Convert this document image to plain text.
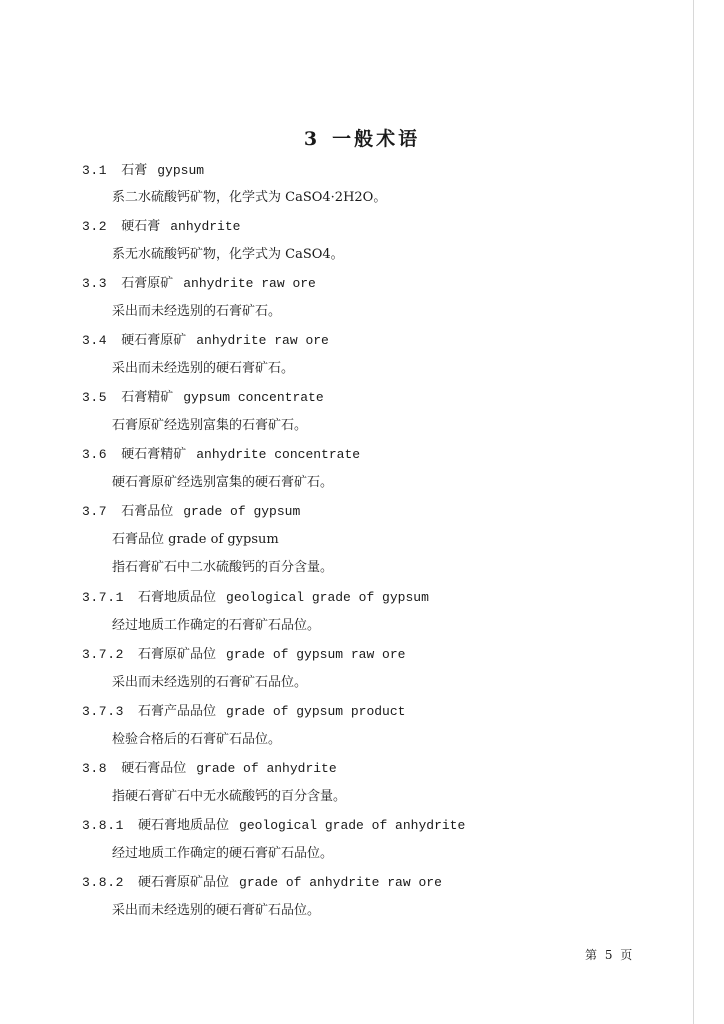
3 一般术语
3.1 石膏 gypsum
系二水硫酸钙矿物，化学式为 CaSO4·2H2O。
3.2 硬石膏 anhydrite
系无水硫酸钙矿物，化学式为 CaSO4。
3.3 石膏原矿 anhydrite raw ore
采出而未经选别的石膏矿石。
3.4 硬石膏原矿 anhydrite raw ore
采出而未经选别的硬石膏矿石。
3.5 石膏精矿 gypsum concentrate
石膏原矿经选别富集的石膏矿石。
3.6 硬石膏精矿 anhydrite concentrate
硬石膏原矿经选别富集的硬石膏矿石。
3.7 石膏品位 grade of gypsum
石膏品位 grade of gypsum
指石膏矿石中二水硫酸钙的百分含量。
3.7.1 石膏地质品位 geological grade of gypsum
经过地质工作确定的石膏矿石品位。
3.7.2 石膏原矿品位 grade of gypsum raw ore
采出而未经选别的石膏矿石品位。
3.7.3 石膏产品品位 grade of gypsum product
检验合格后的石膏矿石品位。
3.8 硬石膏品位 grade of anhydrite
指硬石膏矿石中无水硫酸钙的百分含量。
3.8.1 硬石膏地质品位 geological grade of anhydrite
经过地质工作确定的硬石膏矿石品位。
3.8.2 硬石膏原矿品位 grade of anhydrite raw ore
采出而未经选别的硬石膏矿石品位。
第 5 页
